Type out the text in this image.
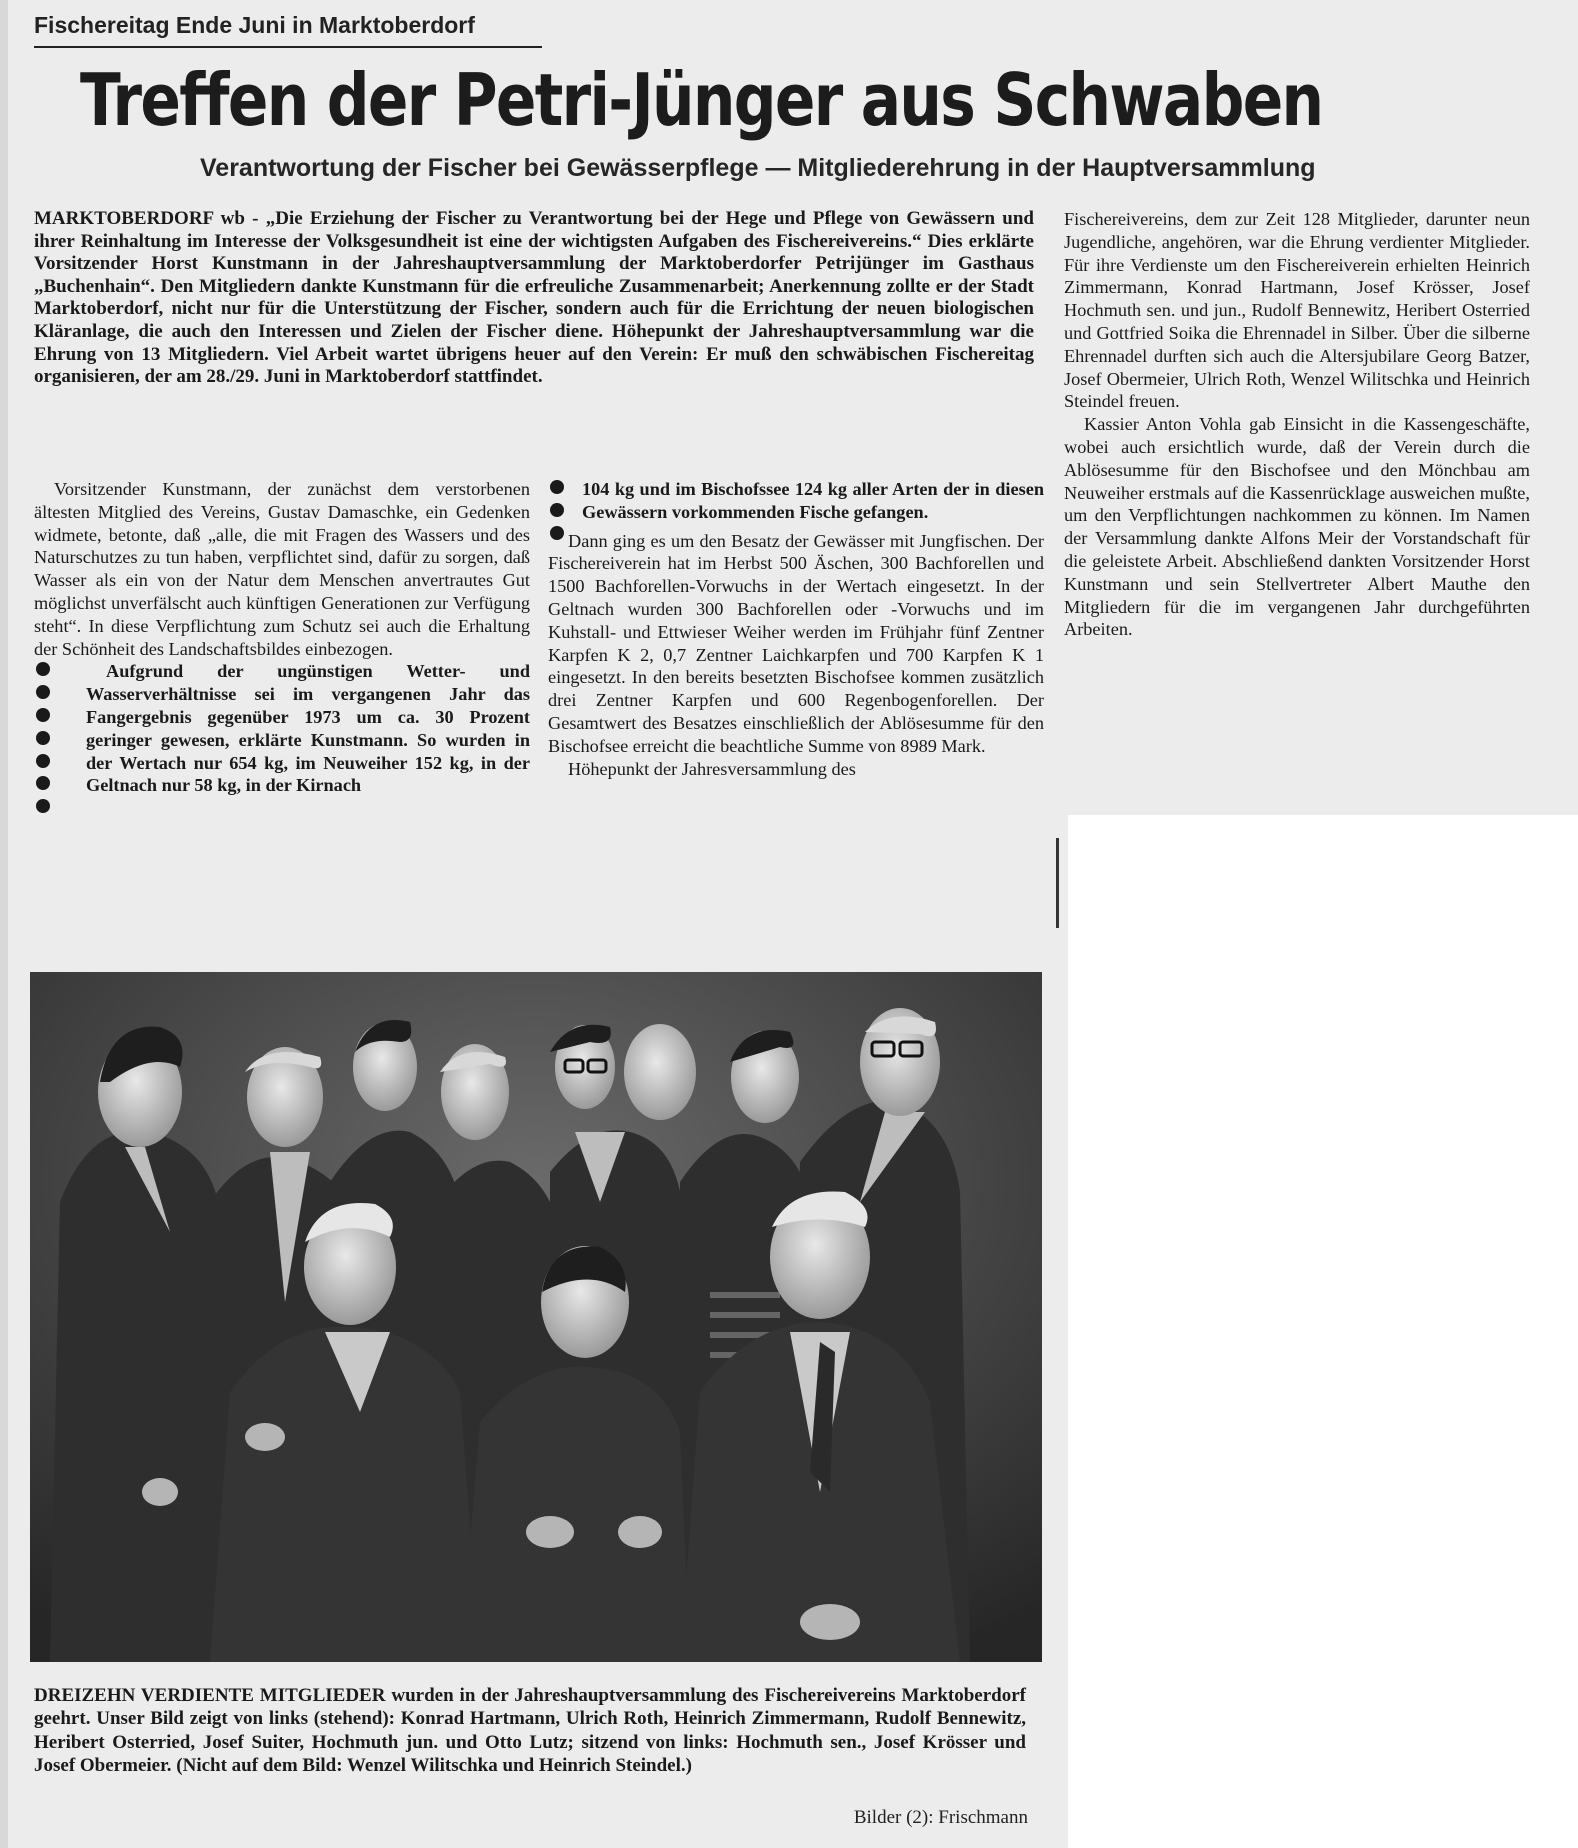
Fischereitag Ende Juni in Marktoberdorf
Treffen der Petri-Jünger aus Schwaben
Verantwortung der Fischer bei Gewässerpflege — Mitgliederehrung in der Hauptversammlung
MARKTOBERDORF wb - „Die Erziehung der Fischer zu Verantwortung bei der Hege und Pflege von Gewässern und ihrer Reinhaltung im Interesse der Volksgesundheit ist eine der wichtigsten Aufgaben des Fischereivereins.“ Dies erklärte Vorsitzender Horst Kunstmann in der Jahreshauptversammlung der Marktoberdorfer Petrijünger im Gasthaus „Buchenhain“. Den Mitgliedern dankte Kunstmann für die erfreuliche Zusammenarbeit; Anerkennung zollte er der Stadt Marktoberdorf, nicht nur für die Unterstützung der Fischer, sondern auch für die Errichtung der neuen biologischen Kläranlage, die auch den Interessen und Zielen der Fischer diene. Höhepunkt der Jahreshauptversammlung war die Ehrung von 13 Mitgliedern. Viel Arbeit wartet übrigens heuer auf den Verein: Er muß den schwäbischen Fischereitag organisieren, der am 28./29. Juni in Marktoberdorf stattfindet.

Vorsitzender Kunstmann, der zunächst dem verstorbenen ältesten Mitglied des Vereins, Gustav Damaschke, ein Gedenken widmete, betonte, daß „alle, die mit Fragen des Wassers und des Naturschutzes zu tun haben, verpflichtet sind, dafür zu sorgen, daß Wasser als ein von der Natur dem Menschen anvertrautes Gut möglichst unverfälscht auch künftigen Generationen zur Verfügung steht“. In diese Verpflichtung zum Schutz sei auch die Erhaltung der Schönheit des Landschaftsbildes einbezogen.

Aufgrund der ungünstigen Wetter- und Wasserverhältnisse sei im vergangenen Jahr das Fangergebnis gegenüber 1973 um ca. 30 Prozent geringer gewesen, erklärte Kunstmann. So wurden in der Wertach nur 654 kg, im Neuweiher 152 kg, in der Geltnach nur 58 kg, in der Kirnach

104 kg und im Bischofssee 124 kg aller Arten der in diesen Gewässern vorkommenden Fische gefangen.

Dann ging es um den Besatz der Gewässer mit Jungfischen. Der Fischereiverein hat im Herbst 500 Äschen, 300 Bachforellen und 1500 Bachforellen-Vorwuchs in der Wertach eingesetzt. In der Geltnach wurden 300 Bachforellen oder -Vorwuchs und im Kuhstall- und Ettwieser Weiher werden im Frühjahr fünf Zentner Karpfen K 2, 0,7 Zentner Laichkarpfen und 700 Karpfen K 1 eingesetzt. In den bereits besetzten Bischofsee kommen zusätzlich drei Zentner Karpfen und 600 Regenbogenforellen. Der Gesamtwert des Besatzes einschließlich der Ablösesumme für den Bischofsee erreicht die beachtliche Summe von 8989 Mark.

Höhepunkt der Jahresversammlung des

Fischereivereins, dem zur Zeit 128 Mitglieder, darunter neun Jugendliche, angehören, war die Ehrung verdienter Mitglieder. Für ihre Verdienste um den Fischereiverein erhielten Heinrich Zimmermann, Konrad Hartmann, Josef Krösser, Josef Hochmuth sen. und jun., Rudolf Bennewitz, Heribert Osterried und Gottfried Soika die Ehrennadel in Silber. Über die silberne Ehrennadel durften sich auch die Altersjubilare Georg Batzer, Josef Obermeier, Ulrich Roth, Wenzel Wilitschka und Heinrich Steindel freuen.

Kassier Anton Vohla gab Einsicht in die Kassengeschäfte, wobei auch ersichtlich wurde, daß der Verein durch die Ablösesumme für den Bischofsee und den Mönchbau am Neuweiher erstmals auf die Kassenrücklage ausweichen mußte, um den Verpflichtungen nachkommen zu können. Im Namen der Versammlung dankte Alfons Meir der Vorstandschaft für die geleistete Arbeit. Abschließend dankten Vorsitzender Horst Kunstmann und sein Stellvertreter Albert Mauthe den Mitgliedern für die im vergangenen Jahr durchgeführten Arbeiten.

DREIZEHN VERDIENTE MITGLIEDER wurden in der Jahreshauptversammlung des Fischereivereins Marktoberdorf geehrt. Unser Bild zeigt von links (stehend): Konrad Hartmann, Ulrich Roth, Heinrich Zimmermann, Rudolf Bennewitz, Heribert Osterried, Josef Suiter, Hochmuth jun. und Otto Lutz; sitzend von links: Hochmuth sen., Josef Krösser und Josef Obermeier. (Nicht auf dem Bild: Wenzel Wilitschka und Heinrich Steindel.)
Bilder (2): Frischmann
